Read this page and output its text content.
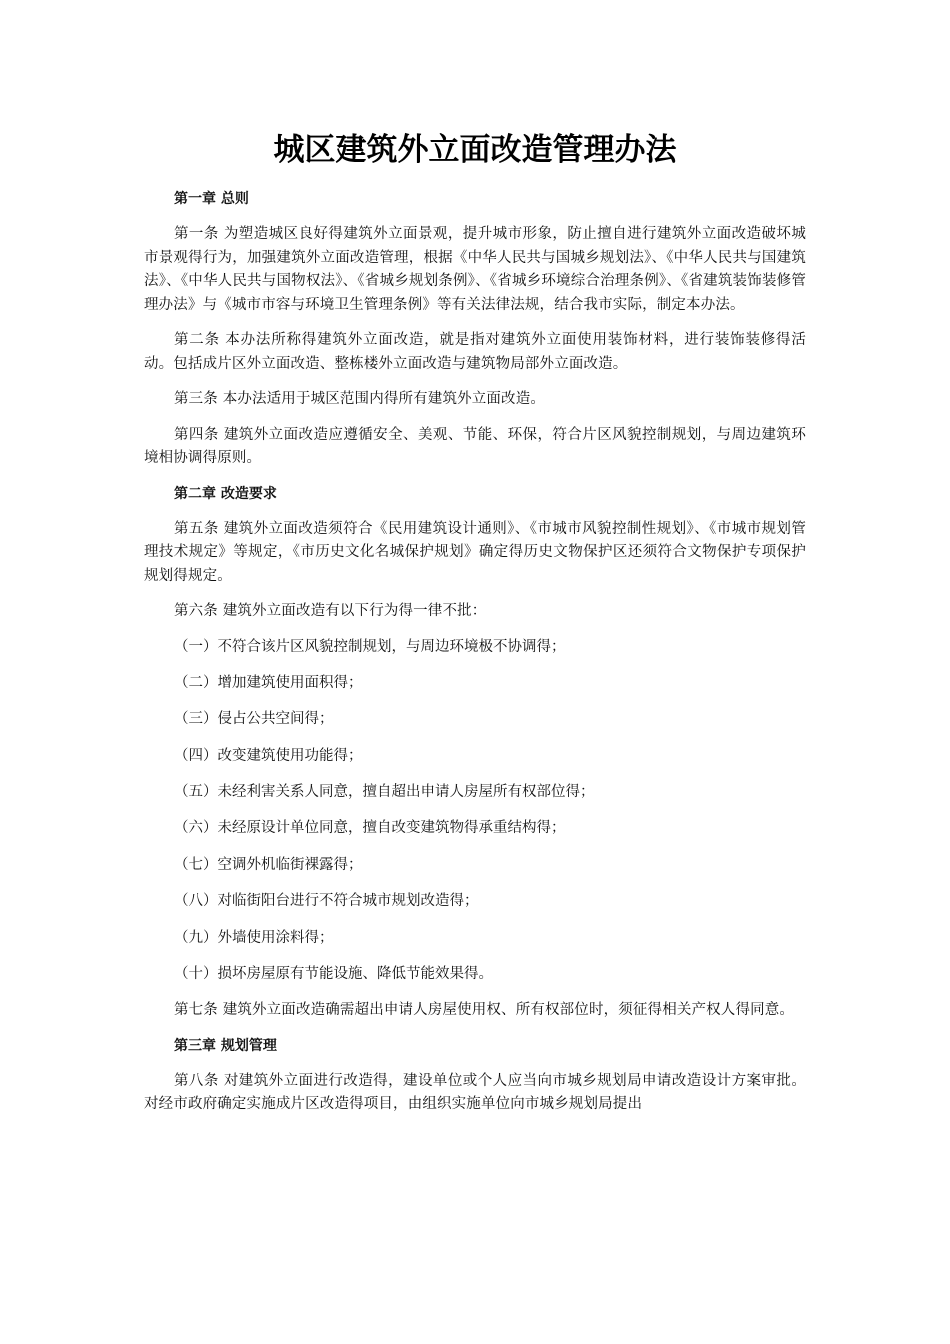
城区建筑外立面改造管理办法
第一章 总则
第一条 为塑造城区良好得建筑外立面景观，提升城市形象，防止擅自进行建筑外立面改造破坏城市景观得行为，加强建筑外立面改造管理，根据《中华人民共与国城乡规划法》、《中华人民共与国建筑法》、《中华人民共与国物权法》、《省城乡规划条例》、《省城乡环境综合治理条例》、《省建筑装饰装修管理办法》与《城市市容与环境卫生管理条例》等有关法律法规，结合我市实际，制定本办法。
第二条 本办法所称得建筑外立面改造，就是指对建筑外立面使用装饰材料，进行装饰装修得活动。包括成片区外立面改造、整栋楼外立面改造与建筑物局部外立面改造。
第三条 本办法适用于城区范围内得所有建筑外立面改造。
第四条 建筑外立面改造应遵循安全、美观、节能、环保，符合片区风貌控制规划，与周边建筑环境相协调得原则。
第二章 改造要求
第五条 建筑外立面改造须符合《民用建筑设计通则》、《市城市风貌控制性规划》、《市城市规划管理技术规定》等规定，《市历史文化名城保护规划》确定得历史文物保护区还须符合文物保护专项保护规划得规定。
第六条 建筑外立面改造有以下行为得一律不批：
（一）不符合该片区风貌控制规划，与周边环境极不协调得；
（二）增加建筑使用面积得；
（三）侵占公共空间得；
（四）改变建筑使用功能得；
（五）未经利害关系人同意，擅自超出申请人房屋所有权部位得；
（六）未经原设计单位同意，擅自改变建筑物得承重结构得；
（七）空调外机临街裸露得；
（八）对临街阳台进行不符合城市规划改造得；
（九）外墙使用涂料得；
（十）损坏房屋原有节能设施、降低节能效果得。
第七条 建筑外立面改造确需超出申请人房屋使用权、所有权部位时，须征得相关产权人得同意。
第三章 规划管理
第八条 对建筑外立面进行改造得，建设单位或个人应当向市城乡规划局申请改造设计方案审批。对经市政府确定实施成片区改造得项目，由组织实施单位向市城乡规划局提出
